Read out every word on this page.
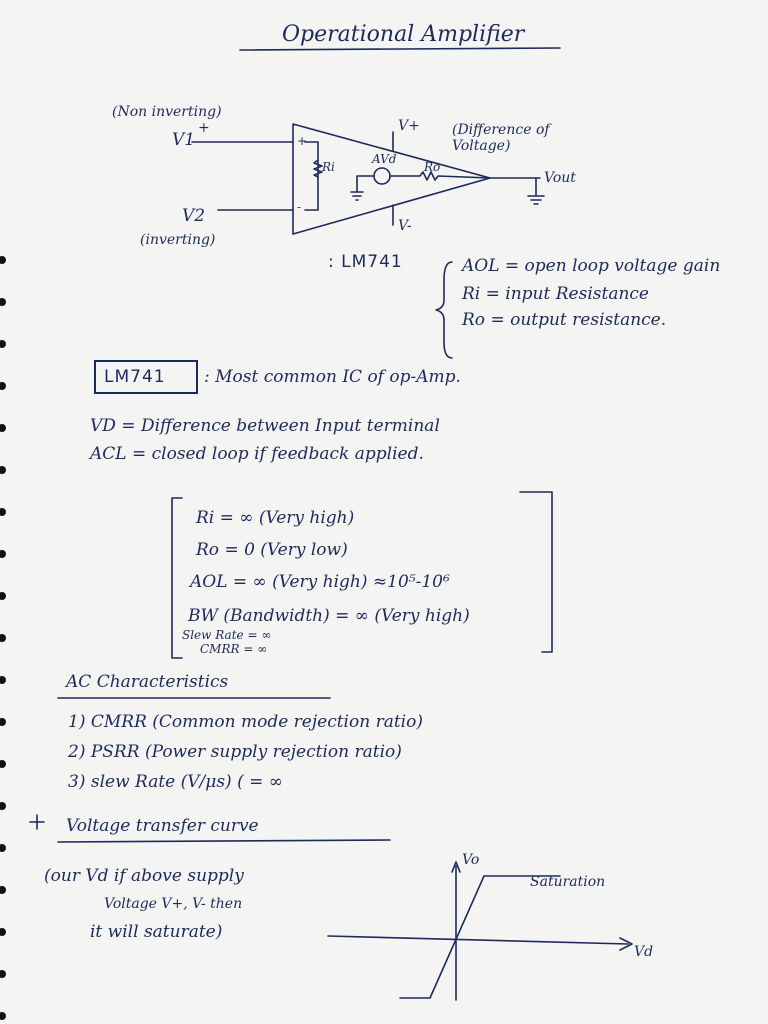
Operational Amplifier
(Non inverting)
V1
+
+
-
Ri
AVd
Ro
V+
V-
(Difference of Voltage)
Vout
V2
(inverting)
: LM741	AOL = open loop voltage gain
Ri = input Resistance
Ro = output resistance.
LM741 : Most common IC of op-Amp.
VD = Difference between Input terminal
ACL = closed loop if feedback applied.
Ri = ∞ (Very high)
Ro = 0 (Very low)
AOL = ∞ (Very high) ≈10⁵-10⁶
BW (Bandwidth) = ∞ (Very high)
Slew Rate = ∞
CMRR = ∞
AC Characteristics
1) CMRR (Common mode rejection ratio)
2) PSRR (Power supply rejection ratio)
3) slew Rate (V/μs) ( = ∞
Voltage transfer curve
(our Vd if above supply
Voltage V+, V- then
it will saturate)
Vo
Saturation
Vd
